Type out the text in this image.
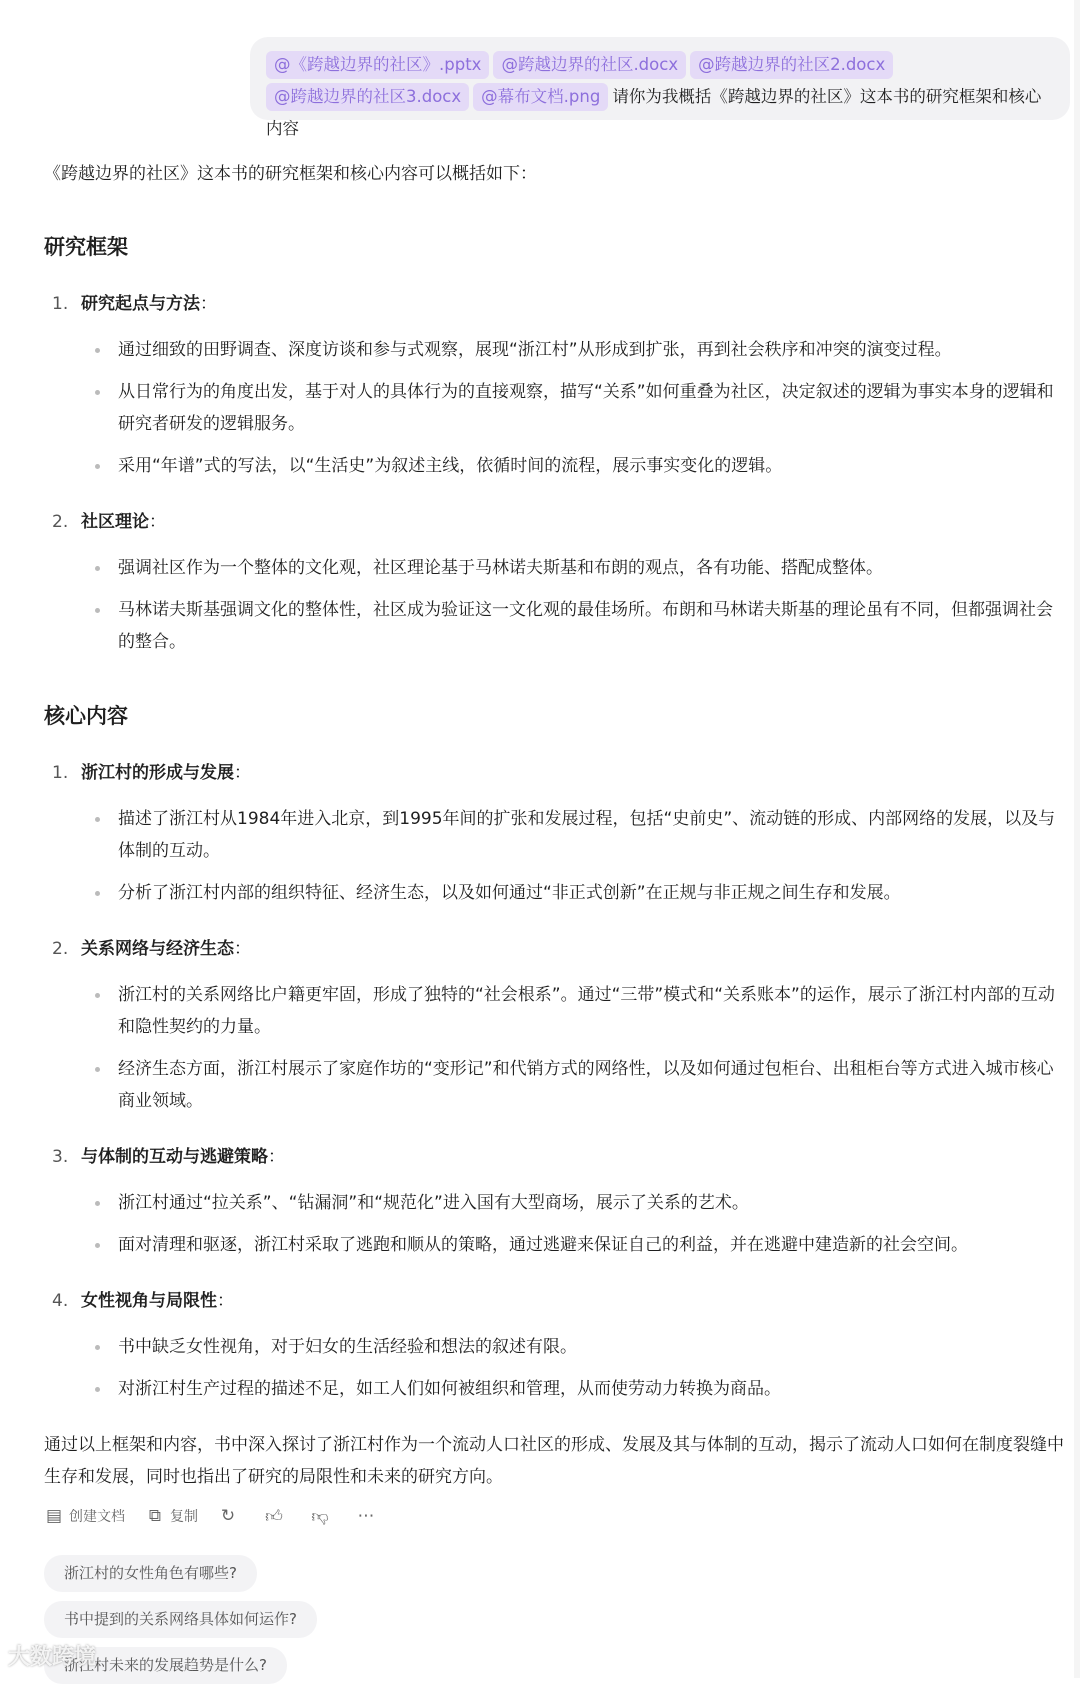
@《跨越边界的社区》.pptx @跨越边界的社区.docx @跨越边界的社区2.docx@跨越边界的社区3.docx @幕布文档.png 请你为我概括《跨越边界的社区》这本书的研究框架和核心内容

《跨越边界的社区》这本书的研究框架和核心内容可以概括如下：

研究框架
1. 研究起点与方法 ：
通过细致的田野调查、深度访谈和参与式观察，展现“浙江村”从形成到扩张，再到社会秩序和冲突的演变过程。
从日常行为的角度出发，基于对人的具体行为的直接观察，描写“关系”如何重叠为社区，决定叙述的逻辑为事实本身的逻辑和研究者研发的逻辑服务。
采用“年谱”式的写法，以“生活史”为叙述主线，依循时间的流程，展示事实变化的逻辑。
2. 社区理论 ：
强调社区作为一个整体的文化观，社区理论基于马林诺夫斯基和布朗的观点，各有功能、搭配成整体。
马林诺夫斯基强调文化的整体性，社区成为验证这一文化观的最佳场所。布朗和马林诺夫斯基的理论虽有不同，但都强调社会的整合。
核心内容
1. 浙江村的形成与发展 ：
描述了浙江村从1984年进入北京，到1995年间的扩张和发展过程，包括“史前史”、流动链的形成、内部网络的发展，以及与体制的互动。
分析了浙江村内部的组织特征、经济生态，以及如何通过“非正式创新”在正规与非正规之间生存和发展。
2. 关系网络与经济生态 ：
浙江村的关系网络比户籍更牢固，形成了独特的“社会根系”。通过“三带”模式和“关系账本”的运作，展示了浙江村内部的互动和隐性契约的力量。
经济生态方面，浙江村展示了家庭作坊的“变形记”和代销方式的网络性，以及如何通过包柜台、出租柜台等方式进入城市核心商业领域。
3. 与体制的互动与逃避策略 ：
浙江村通过“拉关系”、“钻漏洞”和“规范化”进入国有大型商场，展示了关系的艺术。
面对清理和驱逐，浙江村采取了逃跑和顺从的策略，通过逃避来保证自己的利益，并在逃避中建造新的社会空间。
4. 女性视角与局限性 ：
书中缺乏女性视角，对于妇女的生活经验和想法的叙述有限。
对浙江村生产过程的描述不足，如工人们如何被组织和管理，从而使劳动力转换为商品。

通过以上框架和内容，书中深入探讨了浙江村作为一个流动人口社区的形成、发展及其与体制的互动，揭示了流动人口如何在制度裂缝中生存和发展，同时也指出了研究的局限性和未来的研究方向。

▤ 创建文档 ⧉ 复制 ↻ 👍︎ 👎︎ ⋯
浙江村的女性角色有哪些?
书中提到的关系网络具体如何运作?
浙江村未来的发展趋势是什么?
大数跨境
